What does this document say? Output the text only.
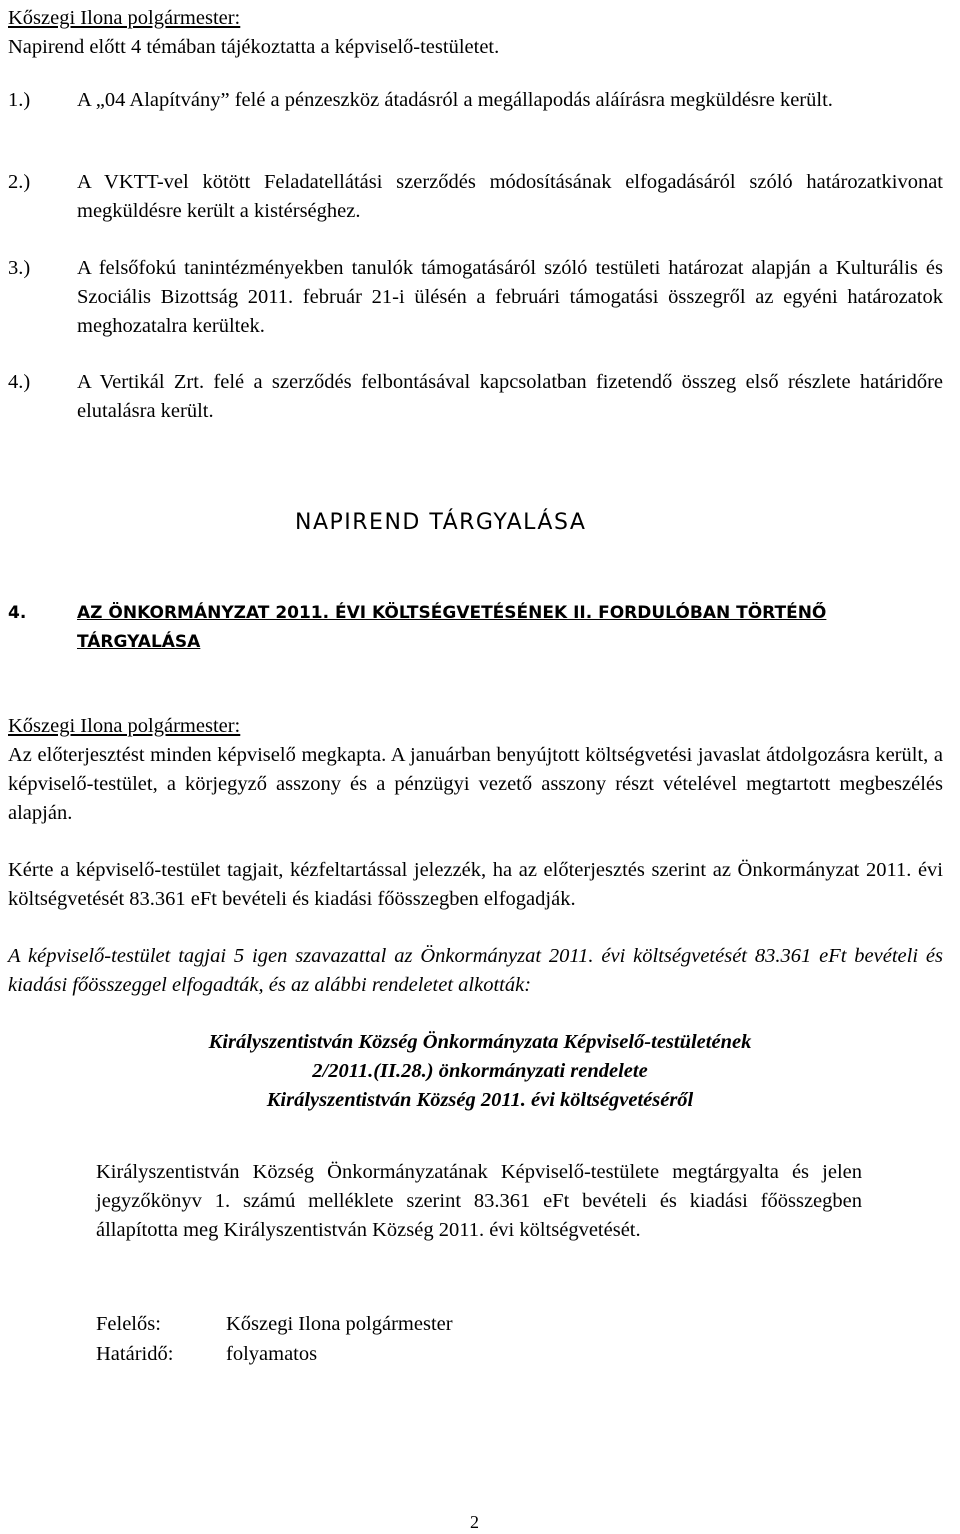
Kőszegi Ilona polgármester:
Napirend előtt 4 témában tájékoztatta a képviselő-testületet.
1.)	A „04 Alapítvány” felé a pénzeszköz átadásról a megállapodás aláírásra megküldésre került.
2.)	A VKTT-vel kötött Feladatellátási szerződés módosításának elfogadásáról szóló határozatkivonat megküldésre került a kistérséghez.
3.)	A felsőfokú tanintézményekben tanulók támogatásáról szóló testületi határozat alapján a Kulturális és Szociális Bizottság 2011. február 21-i ülésén a februári támogatási összegről az egyéni határozatok meghozatalra kerültek.
4.)	A Vertikál Zrt. felé a szerződés felbontásával kapcsolatban fizetendő összeg első részlete határidőre elutalásra került.
NAPIREND TÁRGYALÁSA
4.	AZ ÖNKORMÁNYZAT 2011. ÉVI KÖLTSÉGVETÉSÉNEK II. FORDULÓBAN TÖRTÉNŐ
TÁRGYALÁSA
Kőszegi Ilona polgármester:
Az előterjesztést minden képviselő megkapta. A januárban benyújtott költségvetési javaslat átdolgozásra került, a képviselő-testület, a körjegyző asszony és a pénzügyi vezető asszony részt vételével megtartott megbeszélés alapján.
Kérte a képviselő-testület tagjait, kézfeltartással jelezzék, ha az előterjesztés szerint az Önkormányzat 2011. évi költségvetését 83.361 eFt bevételi és kiadási főösszegben elfogadják.
A képviselő-testület tagjai 5 igen szavazattal az Önkormányzat 2011. évi költségvetését 83.361 eFt bevételi és kiadási főösszeggel elfogadták, és az alábbi rendeletet alkották:
Királyszentistván Község Önkormányzata Képviselő-testületének
2/2011.(II.28.) önkormányzati rendelete
Királyszentistván Község 2011. évi költségvetéséről
Királyszentistván Község Önkormányzatának Képviselő-testülete megtárgyalta és jelen jegyzőkönyv 1. számú melléklete szerint 83.361 eFt bevételi és kiadási főösszegben állapította meg Királyszentistván Község 2011. évi költségvetését.
Felelős:	Kőszegi Ilona polgármester
Határidő:	folyamatos
2
